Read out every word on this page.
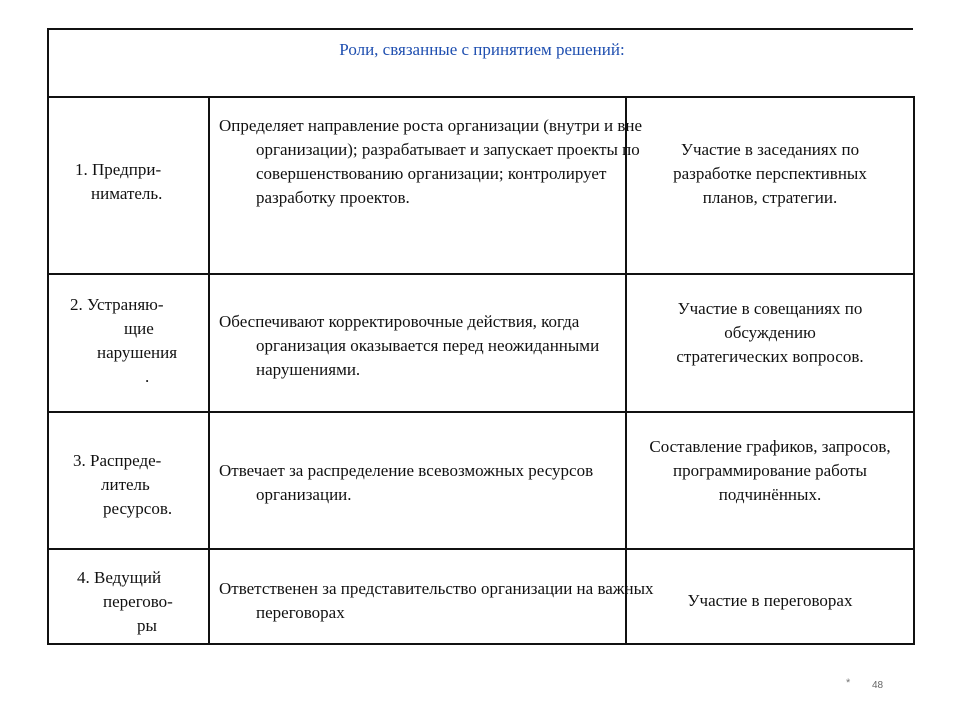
Роли, связанные с принятием решений:
1. Предпри-
ниматель.
Определяет направление роста организации (внутри и вне организации); разрабатывает и запускает проекты по совершенствованию организации; контролирует разработку проектов.
Участие в заседаниях по разработке перспективных планов, стратегии.
2. Устраняю-
щие
нарушения
.
Обеспечивают корректировочные действия, когда организация оказывается перед неожиданными нарушениями.
Участие в совещаниях по обсуждению стратегических вопросов.
3. Распреде-
литель
ресурсов.
Отвечает за распределение всевозможных ресурсов организации.
Составление графиков, запросов, программирование работы подчинённых.
4. Ведущий
перегово-
ры
Ответственен за представительство организации на важных переговорах
Участие в переговорах
* 48
